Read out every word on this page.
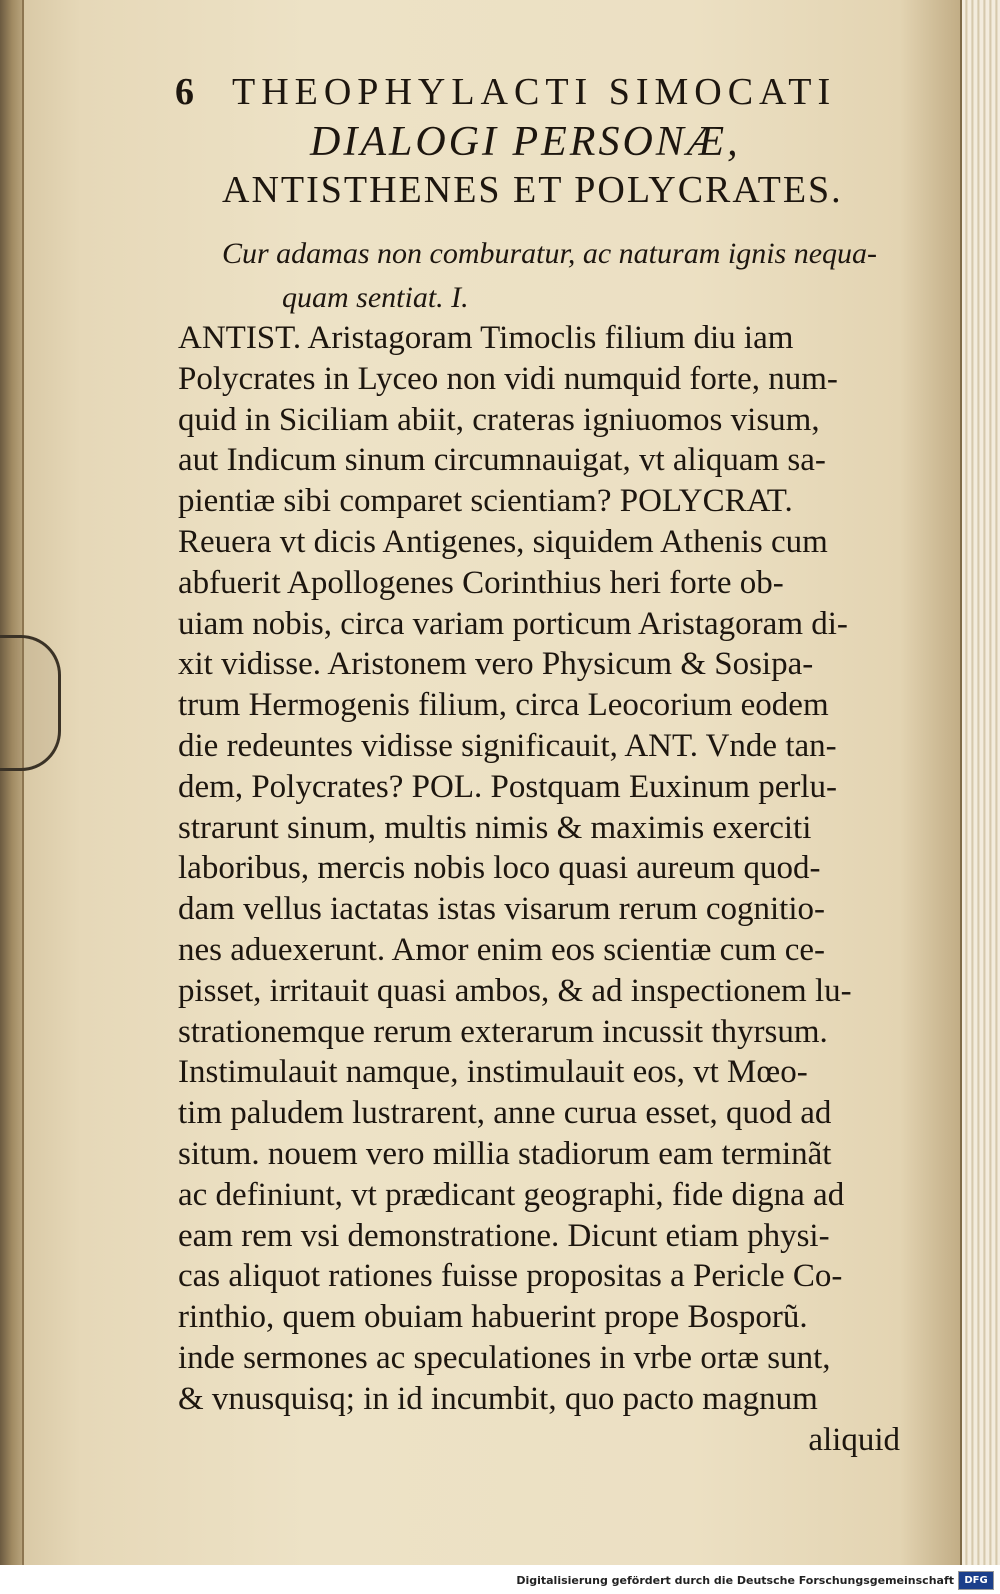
6 THEOPHYLACTI SIMOCATI
DIALOGI PERSONÆ,
ANTISTHENES ET POLYCRATES.
Cur adamas non comburatur, ac naturam ignis nequa-
quam sentiat. I.
ANTIST. Aristagoram Timoclis filium diu iam
Polycrates in Lyceo non vidi numquid forte, num-
quid in Siciliam abiit, crateras igniuomos visum,
aut Indicum sinum circumnauigat, vt aliquam sa-
pientiæ sibi comparet scientiam? POLYCRAT.
Reuera vt dicis Antigenes, siquidem Athenis cum
abfuerit Apollogenes Corinthius heri forte ob-
uiam nobis, circa variam porticum Aristagoram di-
xit vidisse. Aristonem vero Physicum & Sosipa-
trum Hermogenis filium, circa Leocorium eodem
die redeuntes vidisse significauit, ANT. Vnde tan-
dem, Polycrates? POL. Postquam Euxinum perlu-
strarunt sinum, multis nimis & maximis exerciti
laboribus, mercis nobis loco quasi aureum quod-
dam vellus iactatas istas visarum rerum cognitio-
nes aduexerunt. Amor enim eos scientiæ cum ce-
pisset, irritauit quasi ambos, & ad inspectionem lu-
strationemque rerum exterarum incussit thyrsum.
Instimulauit namque, instimulauit eos, vt Mœo-
tim paludem lustrarent, anne curua esset, quod ad
situm. nouem vero millia stadiorum eam terminãt
ac definiunt, vt prædicant geographi, fide digna ad
eam rem vsi demonstratione. Dicunt etiam physi-
cas aliquot rationes fuisse propositas a Pericle Co-
rinthio, quem obuiam habuerint prope Bosporũ.
inde sermones ac speculationes in vrbe ortæ sunt,
& vnusquisq; in id incumbit, quo pacto magnum
aliquid
Digitalisierung gefördert durch die Deutsche Forschungsgemeinschaft	DFG
